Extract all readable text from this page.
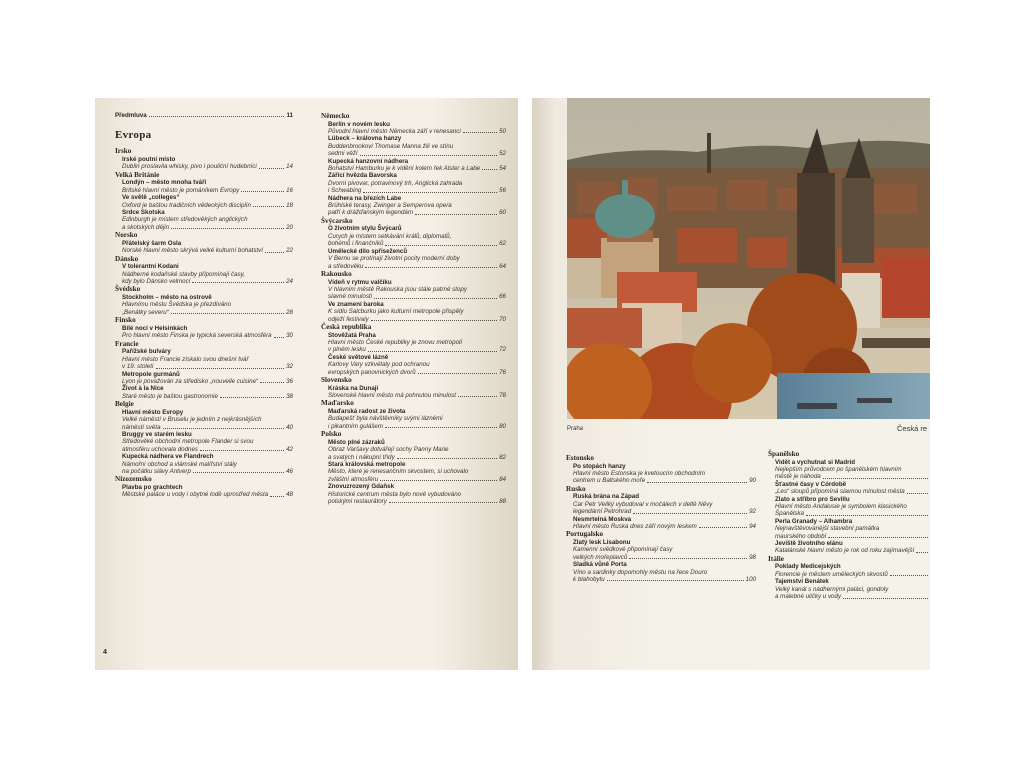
Předmluva	11
Evropa
Irsko
Irské poutní místo
Dublin proslavila whisky, pivo i pouliční hudebníci	14
Velká Británie
Londýn – město mnoha tváří
Britské hlavní město je pománíkem Evropy	16
Ve světě „colleges“
Oxford je baštou tradičních vědeckých disciplín	18
Srdce Skotska
Edinburgh je místem středověkých anglických
a skotských dějin	20
Norsko
Přátelský šarm Osla
Norské hlavní město skrývá velké kulturní bohatství	22
Dánsko
V tolerantní Kodani
Nádherné kodaňské stavby připomínají časy,
kdy bylo Dánsko velmocí	24
Švédsko
Stockholm – město na ostrově
Hlavnímu městu Švédska je přezdíváno
„Benátky severu“	28
Finsko
Bílé noci v Helsinkách
Pro hlavní město Finska je typická severská atmosféra 30
Francie
Pařížské bulváry
Hlavní město Francie získalo svou dnešní tvář
v 19. století	32
Metropole gurmánů
Lyon je považován za středisko „nouvelle cuisine“	36
Život à la Nice
Staré město je baštou gastronomie	38
Belgie
Hlavní město Evropy
Velké náměstí v Bruselu je jedním z nejkrásnějších
náměstí světa	40
Bruggy ve starém lesku
Středověké obchodní metropole Flander si svou
atmosféru uchovala dodnes	42
Kupecká nádhera ve Flandrech
Námořní obchod a vlámské malířství stály
na počátku slávy Antverp	46
Nizozemsko
Plavba po grachtech
Městské paláce u vody i obytné lodě uprostřed města	48
Německo
Berlín v novém lesku
Původní hlavní město Německa září v renesanci	50
Lübeck – královna hanzy
Buddenbrookovi Thomase Manna žili ve stínu
sedmi věží	52
Kupecká hanzovní nádhera
Bohatství Hamburku je k vidění kolem řek Alster a Labe	54
Zářící hvězda Bavorska
Dvorní pivovar, potravinový trh, Anglická zahrada
i Schwabing	56
Nádhera na březích Labe
Brühlské terasy, Zwinger a Semperova opera
patří k drážďanským legendám	60
Švýcarsko
O životním stylu Švýcarů
Curych je místem setkávání králů, diplomatů,
bohémů i finančníků	62
Umělecké dílo spříseženců
V Bernu se protínají životní pocity moderní doby
a středověku	64
Rakousko
Vídeň v rytmu valčíku
V hlavním městě Rakouska jsou stále patrné stopy
slavné minulosti	66
Ve znamení baroka
K sídlu Salcburku jako kulturní metropole přispěly
odježí festivaly	70
Česká republika
Stověžatá Praha
Hlavní město České republiky je znovu metropolí
v plném lesku	72
České světové lázně
Karlovy Vary vzkvétaly pod ochranou
evropských panovnických dvorů	76
Slovensko
Kráska na Dunaji
Slovenské hlavní město má pohnutou minulost	78
Maďarsko
Maďarská radost ze života
Budapešť byla návštěvníky svými lázněmi
i pikantním gulášem	80
Polsko
Město plné zázraků
Obraz Varšavy dotvářejí sochy Panny Marie
a svatých i nákupní třídy	82
Stará královská metropole
Město, které je renesančním skvostem, si uchovalo
zvláštní atmosféru	84
Znovuzrozený Gdaňsk
Historické centrum města bylo nově vybudováno
polskými restaurátory	88
4
Praha	Česká re
Estonsko
Po stopách hanzy
Hlavní město Estonska je kvetoucím obchodním
centrem u Baltského moře	90
Rusko
Ruská brána na Západ
Car Petr Veliký vybudoval v močálech v deltě Něvy
legendární Petrohrad	92
Nesmrtelná Moskva
Hlavní město Ruska dnes září novým leskem	94
Portugalsko
Zlatý lesk Lisabonu
Kamenní svědkové připomínají časy
velkých mořeplavců	98
Sladká vůně Porta
Víno a sardinky dopomohly městu na řece Douro
k blahobytu	100
Španělsko
Vidět a vychutnat si Madrid
Nejlepším průvodcem po španělském hlavním
městě je náhoda
Šťastné časy v Córdobě
„Les“ sloupů připomíná slavnou minulost města
Zlato a stříbro pro Sevillu
Hlavní město Andalusie je symbolem klasického
Španělska
Perla Granady – Alhambra
Nejnavštěvovanější stavební památka
maurského období
Jeviště životního elánu
Katalánské hlavní město je rok od roku zajímavější
Itálie
Poklady Medicejských
Florencie je městem uměleckých skvostů
Tajemství Benátek
Velký kanál s nádhernými paláci, gondoly
a malebné uličky u vody
